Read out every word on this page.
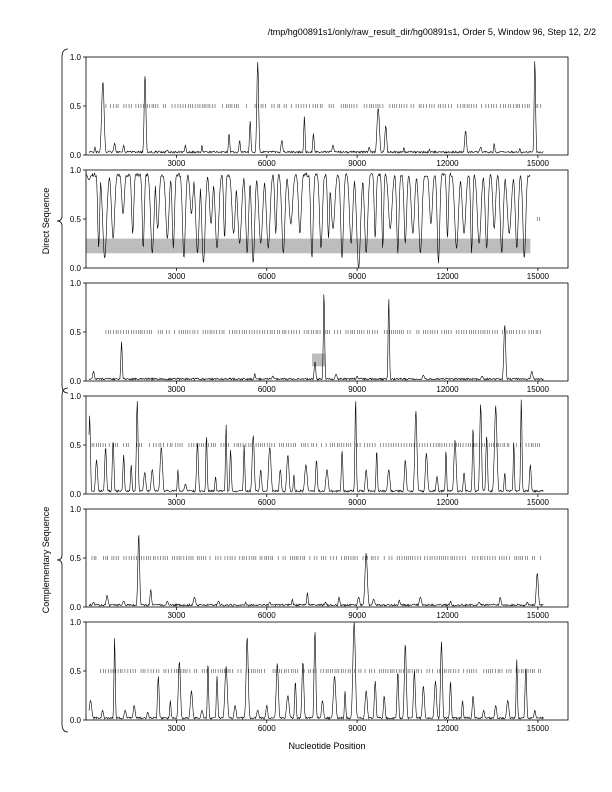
/tmp/hg00891s1/only/raw_result_dir/hg00891s1, Order 5, Window 96, Step 12, 2/2
Nucleotide Position
3000	6000	9000	12000	15000
0.0
0.5
1.0
3000	6000	9000	12000	15000
0.0
0.5
1.0
3000	6000	9000	12000	15000
0.0
0.5
1.0
3000	6000	9000	12000	15000
0.0
0.5
1.0
3000	6000	9000	12000	15000
0.0
0.5
1.0
3000	6000	9000	12000	15000
0.0
0.5
1.0
Direct Sequence
Complementary Sequence
